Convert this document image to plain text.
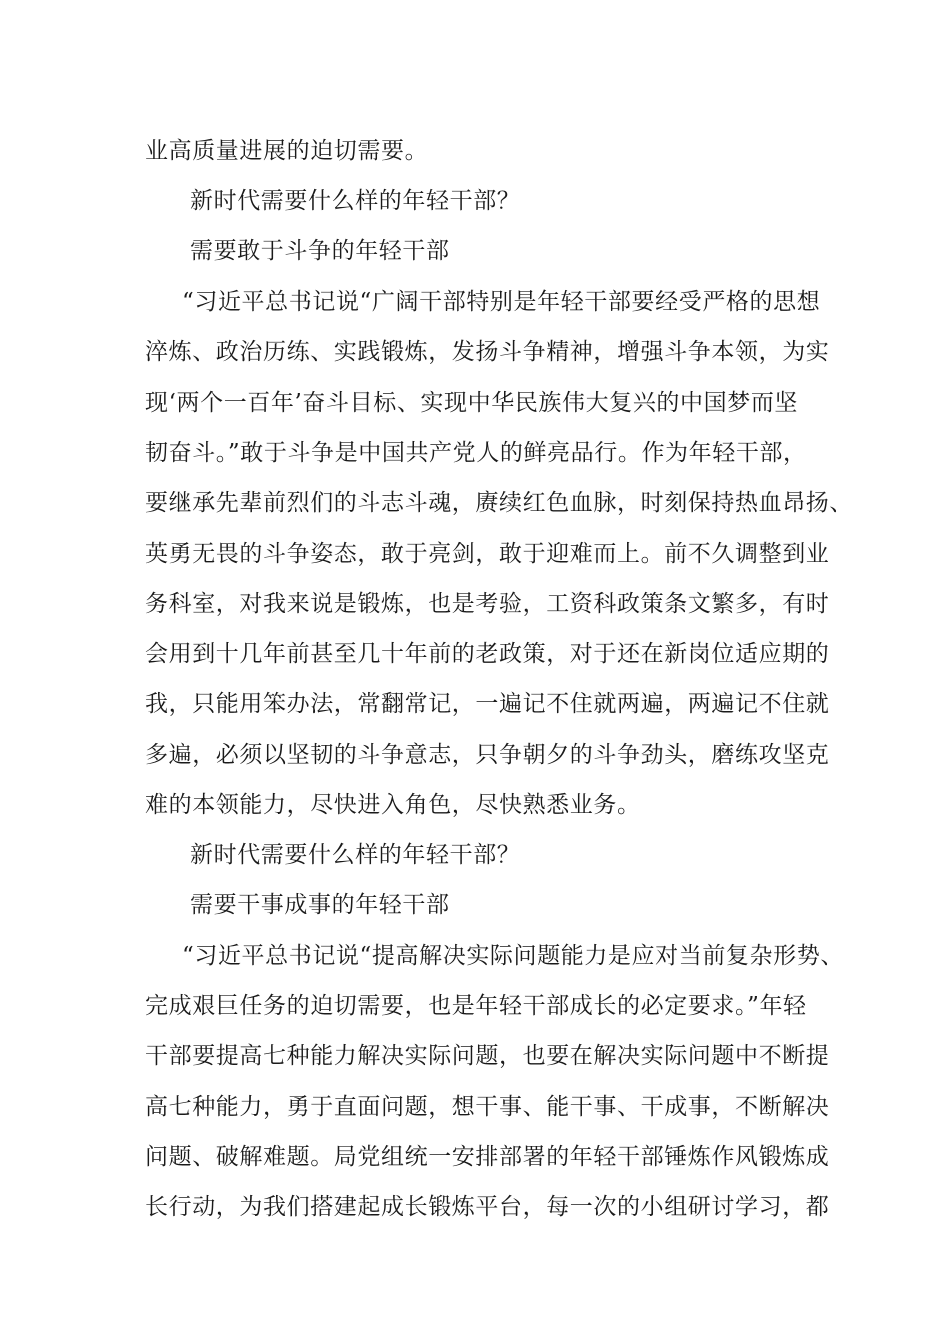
业高质量进展的迫切需要。
新时代需要什么样的年轻干部？
需要敢于斗争的年轻干部
“习近平总书记说“广阔干部特别是年轻干部要经受严格的思想
淬炼、政治历练、实践锻炼，发扬斗争精神，增强斗争本领，为实
现‘两个一百年’奋斗目标、实现中华民族伟大复兴的中国梦而坚
韧奋斗。”敢于斗争是中国共产党人的鲜亮品行。作为年轻干部，
要继承先辈前烈们的斗志斗魂，赓续红色血脉，时刻保持热血昂扬、
英勇无畏的斗争姿态，敢于亮剑，敢于迎难而上。前不久调整到业
务科室，对我来说是锻炼，也是考验，工资科政策条文繁多，有时
会用到十几年前甚至几十年前的老政策，对于还在新岗位适应期的
我，只能用笨办法，常翻常记，一遍记不住就两遍，两遍记不住就
多遍，必须以坚韧的斗争意志，只争朝夕的斗争劲头，磨练攻坚克
难的本领能力，尽快进入角色，尽快熟悉业务。
新时代需要什么样的年轻干部？
需要干事成事的年轻干部
“习近平总书记说“提高解决实际问题能力是应对当前复杂形势、
完成艰巨任务的迫切需要，也是年轻干部成长的必定要求。”年轻
干部要提高七种能力解决实际问题，也要在解决实际问题中不断提
高七种能力，勇于直面问题，想干事、能干事、干成事，不断解决
问题、破解难题。局党组统一安排部署的年轻干部锤炼作风锻炼成
长行动，为我们搭建起成长锻炼平台，每一次的小组研讨学习，都
